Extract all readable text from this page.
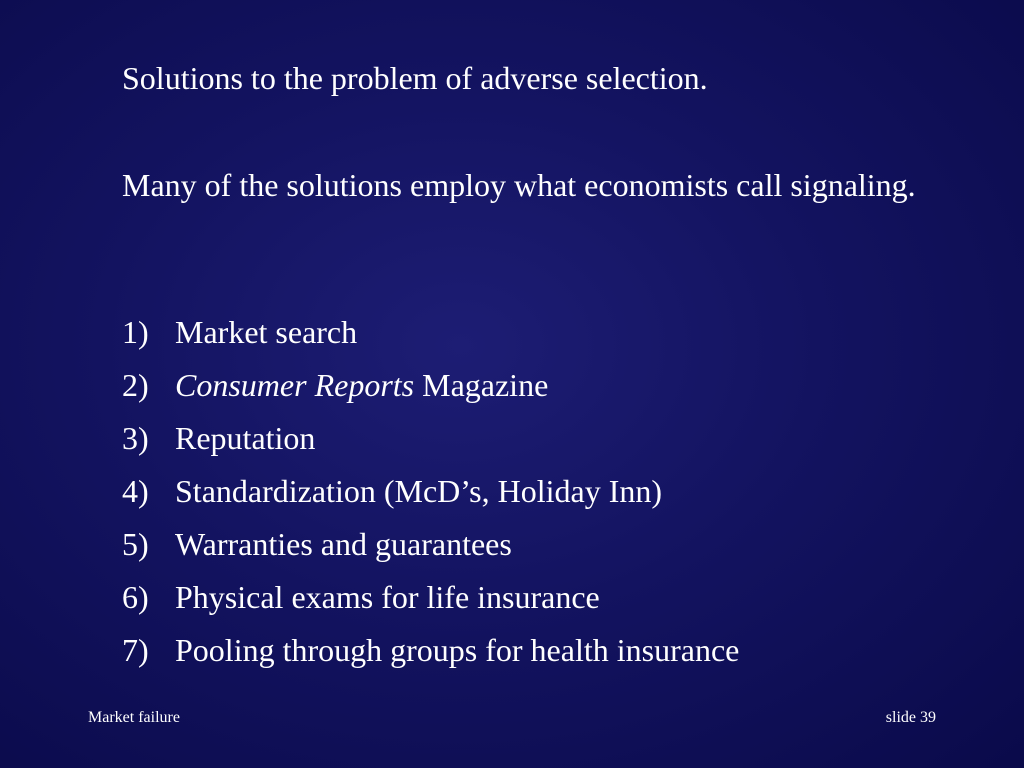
Solutions to the problem of adverse selection.

Many of the solutions employ what economists call signaling.

1) Market search
2) Consumer Reports Magazine
3) Reputation
4) Standardization (McD’s, Holiday Inn)
5) Warranties and guarantees
6) Physical exams for life insurance
7) Pooling through groups for health insurance
Market failure	slide 39
